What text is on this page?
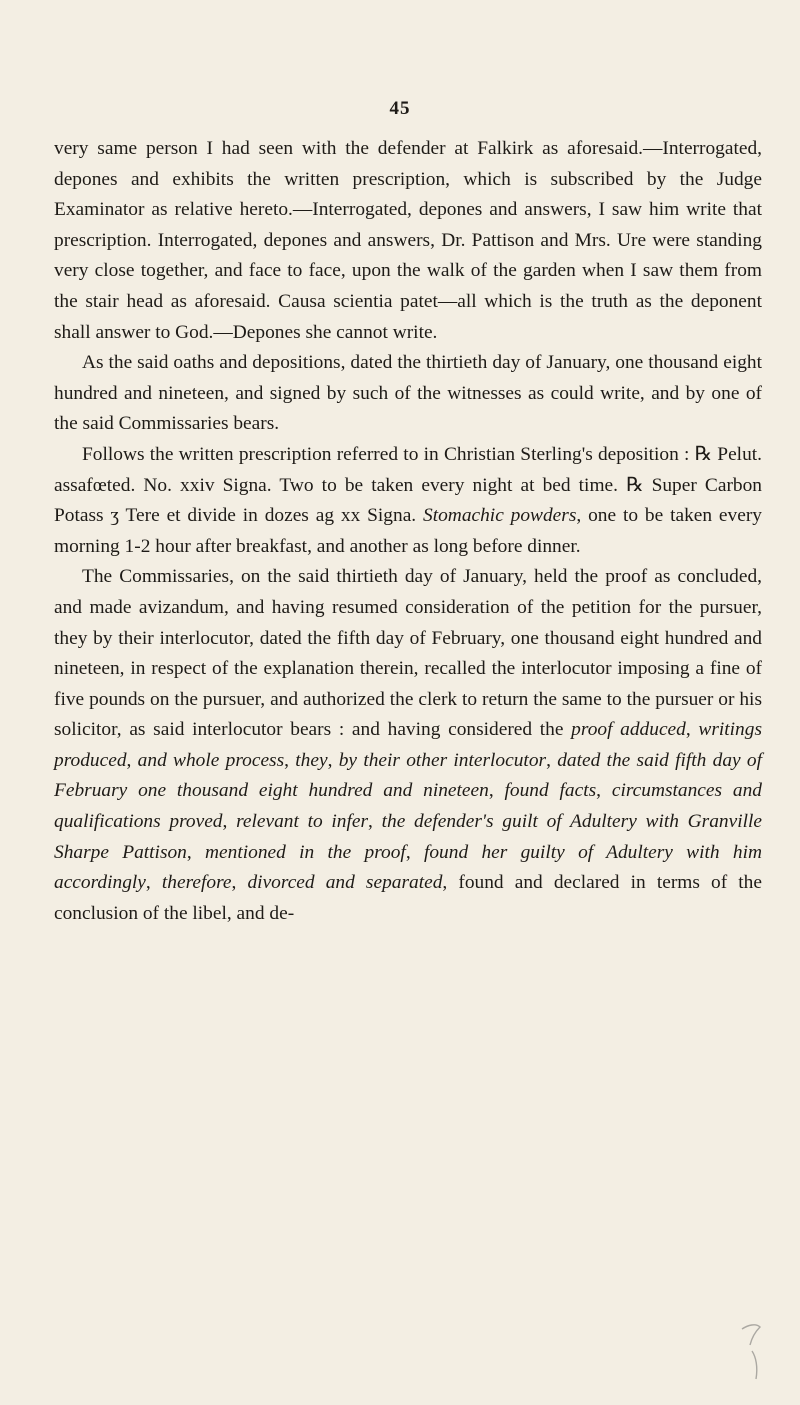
45

very same person I had seen with the defender at Falkirk as aforesaid.—Interrogated, depones and exhibits the written prescription, which is subscribed by the Judge Examinator as relative hereto.—Interrogated, depones and answers, I saw him write that prescription. Interrogated, depones and answers, Dr. Pattison and Mrs. Ure were standing very close together, and face to face, upon the walk of the garden when I saw them from the stair head as aforesaid. Causa scientia patet—all which is the truth as the deponent shall answer to God.—Depones she cannot write.

As the said oaths and depositions, dated the thirtieth day of January, one thousand eight hundred and nineteen, and signed by such of the witnesses as could write, and by one of the said Commissaries bears.

Follows the written prescription referred to in Christian Sterling's deposition : ℞ Pelut. assafœted. No. xxiv Signa. Two to be taken every night at bed time. ℞ Super Carbon Potass ʒ Tere et divide in dozes ag xx Signa. Stomachic powders, one to be taken every morning 1-2 hour after breakfast, and another as long before dinner.

The Commissaries, on the said thirtieth day of January, held the proof as concluded, and made avizandum, and having resumed consideration of the petition for the pursuer, they by their interlocutor, dated the fifth day of February, one thousand eight hundred and nineteen, in respect of the explanation therein, recalled the interlocutor imposing a fine of five pounds on the pursuer, and authorized the clerk to return the same to the pursuer or his solicitor, as said interlocutor bears : and having considered the proof adduced, writings produced, and whole process, they, by their other interlocutor, dated the said fifth day of February one thousand eight hundred and nineteen, found facts, circumstances and qualifications proved, relevant to infer, the defender's guilt of Adultery with Granville Sharpe Pattison, mentioned in the proof, found her guilty of Adultery with him accordingly, therefore, divorced and separated, found and declared in terms of the conclusion of the libel, and de-
